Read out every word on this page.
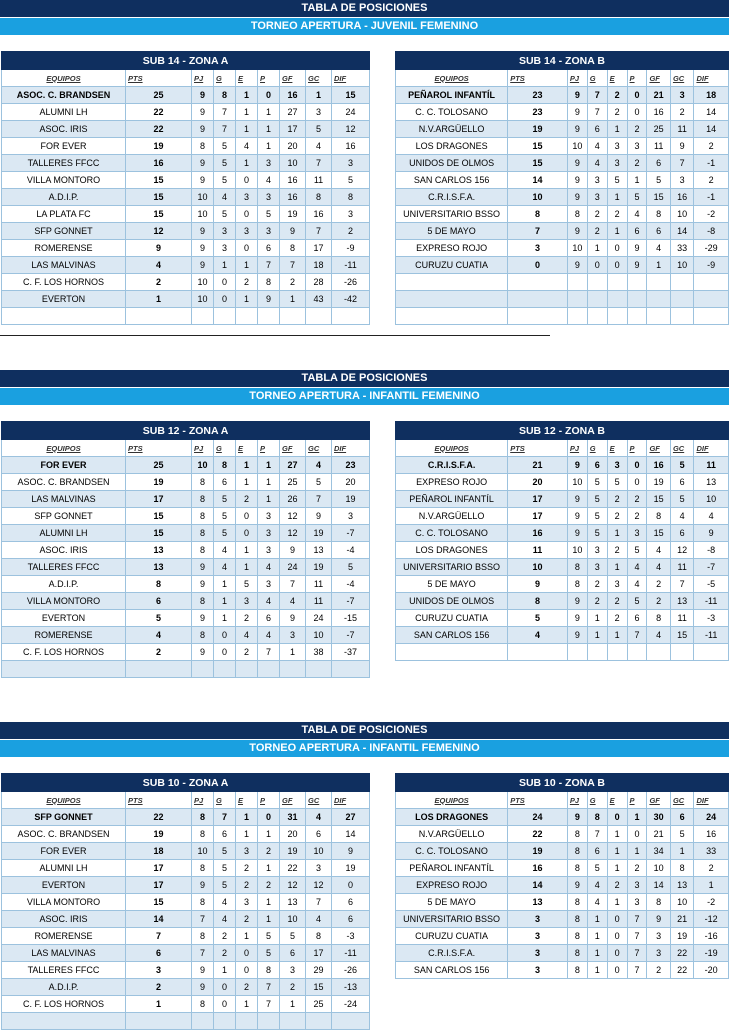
TABLA DE POSICIONES
TORNEO APERTURA - JUVENIL FEMENINO
SUB 14 - ZONA A								
EQUIPOS	PTS	PJ	G	E	P	GF	GC	DIF
ASOC. C. BRANDSEN	25	9	8	1	0	16	1	15
ALUMNI LH	22	9	7	1	1	27	3	24
ASOC. IRIS	22	9	7	1	1	17	5	12
FOR EVER	19	8	5	4	1	20	4	16
TALLERES FFCC	16	9	5	1	3	10	7	3
VILLA MONTORO	15	9	5	0	4	16	11	5
A.D.I.P.	15	10	4	3	3	16	8	8
LA PLATA FC	15	10	5	0	5	19	16	3
SFP GONNET	12	9	3	3	3	9	7	2
ROMERENSE	9	9	3	0	6	8	17	-9
LAS MALVINAS	4	9	1	1	7	7	18	-11
C. F. LOS HORNOS	2	10	0	2	8	2	28	-26
EVERTON	1	10	0	1	9	1	43	-42

SUB 14 - ZONA B								
EQUIPOS	PTS	PJ	G	E	P	GF	GC	DIF
PEÑAROL INFANTÍL	23	9	7	2	0	21	3	18
C. C. TOLOSANO	23	9	7	2	0	16	2	14
N.V.ARGÜELLO	19	9	6	1	2	25	11	14
LOS DRAGONES	15	10	4	3	3	11	9	2
UNIDOS DE OLMOS	15	9	4	3	2	6	7	-1
SAN CARLOS 156	14	9	3	5	1	5	3	2
C.R.I.S.F.A.	10	9	3	1	5	15	16	-1
UNIVERSITARIO BSSO	8	8	2	2	4	8	10	-2
5 DE MAYO	7	9	2	1	6	6	14	-8
EXPRESO ROJO	3	10	1	0	9	4	33	-29
CURUZU CUATIA	0	9	0	0	9	1	10	-9

TABLA DE POSICIONES
TORNEO APERTURA - INFANTIL FEMENINO
SUB 12 - ZONA A								
EQUIPOS	PTS	PJ	G	E	P	GF	GC	DIF
FOR EVER	25	10	8	1	1	27	4	23
ASOC. C. BRANDSEN	19	8	6	1	1	25	5	20
LAS MALVINAS	17	8	5	2	1	26	7	19
SFP GONNET	15	8	5	0	3	12	9	3
ALUMNI LH	15	8	5	0	3	12	19	-7
ASOC. IRIS	13	8	4	1	3	9	13	-4
TALLERES FFCC	13	9	4	1	4	24	19	5
A.D.I.P.	8	9	1	5	3	7	11	-4
VILLA MONTORO	6	8	1	3	4	4	11	-7
EVERTON	5	9	1	2	6	9	24	-15
ROMERENSE	4	8	0	4	4	3	10	-7
C. F. LOS HORNOS	2	9	0	2	7	1	38	-37

SUB 12 - ZONA B								
EQUIPOS	PTS	PJ	G	E	P	GF	GC	DIF
C.R.I.S.F.A.	21	9	6	3	0	16	5	11
EXPRESO ROJO	20	10	5	5	0	19	6	13
PEÑAROL INFANTÍL	17	9	5	2	2	15	5	10
N.V.ARGÜELLO	17	9	5	2	2	8	4	4
C. C. TOLOSANO	16	9	5	1	3	15	6	9
LOS DRAGONES	11	10	3	2	5	4	12	-8
UNIVERSITARIO BSSO	10	8	3	1	4	4	11	-7
5 DE MAYO	9	8	2	3	4	2	7	-5
UNIDOS DE OLMOS	8	9	2	2	5	2	13	-11
CURUZU CUATIA	5	9	1	2	6	8	11	-3
SAN CARLOS 156	4	9	1	1	7	4	15	-11

TABLA DE POSICIONES
TORNEO APERTURA - INFANTIL FEMENINO
SUB 10 - ZONA A								
EQUIPOS	PTS	PJ	G	E	P	GF	GC	DIF
SFP GONNET	22	8	7	1	0	31	4	27
ASOC. C. BRANDSEN	19	8	6	1	1	20	6	14
FOR EVER	18	10	5	3	2	19	10	9
ALUMNI LH	17	8	5	2	1	22	3	19
EVERTON	17	9	5	2	2	12	12	0
VILLA MONTORO	15	8	4	3	1	13	7	6
ASOC. IRIS	14	7	4	2	1	10	4	6
ROMERENSE	7	8	2	1	5	5	8	-3
LAS MALVINAS	6	7	2	0	5	6	17	-11
TALLERES FFCC	3	9	1	0	8	3	29	-26
A.D.I.P.	2	9	0	2	7	2	15	-13
C. F. LOS HORNOS	1	8	0	1	7	1	25	-24

SUB 10 - ZONA B								
EQUIPOS	PTS	PJ	G	E	P	GF	GC	DIF
LOS DRAGONES	24	9	8	0	1	30	6	24
N.V.ARGÜELLO	22	8	7	1	0	21	5	16
C. C. TOLOSANO	19	8	6	1	1	34	1	33
PEÑAROL INFANTÍL	16	8	5	1	2	10	8	2
EXPRESO ROJO	14	9	4	2	3	14	13	1
5 DE MAYO	13	8	4	1	3	8	10	-2
UNIVERSITARIO BSSO	3	8	1	0	7	9	21	-12
CURUZU CUATIA	3	8	1	0	7	3	19	-16
C.R.I.S.F.A.	3	8	1	0	7	3	22	-19
SAN CARLOS 156	3	8	1	0	7	2	22	-20
